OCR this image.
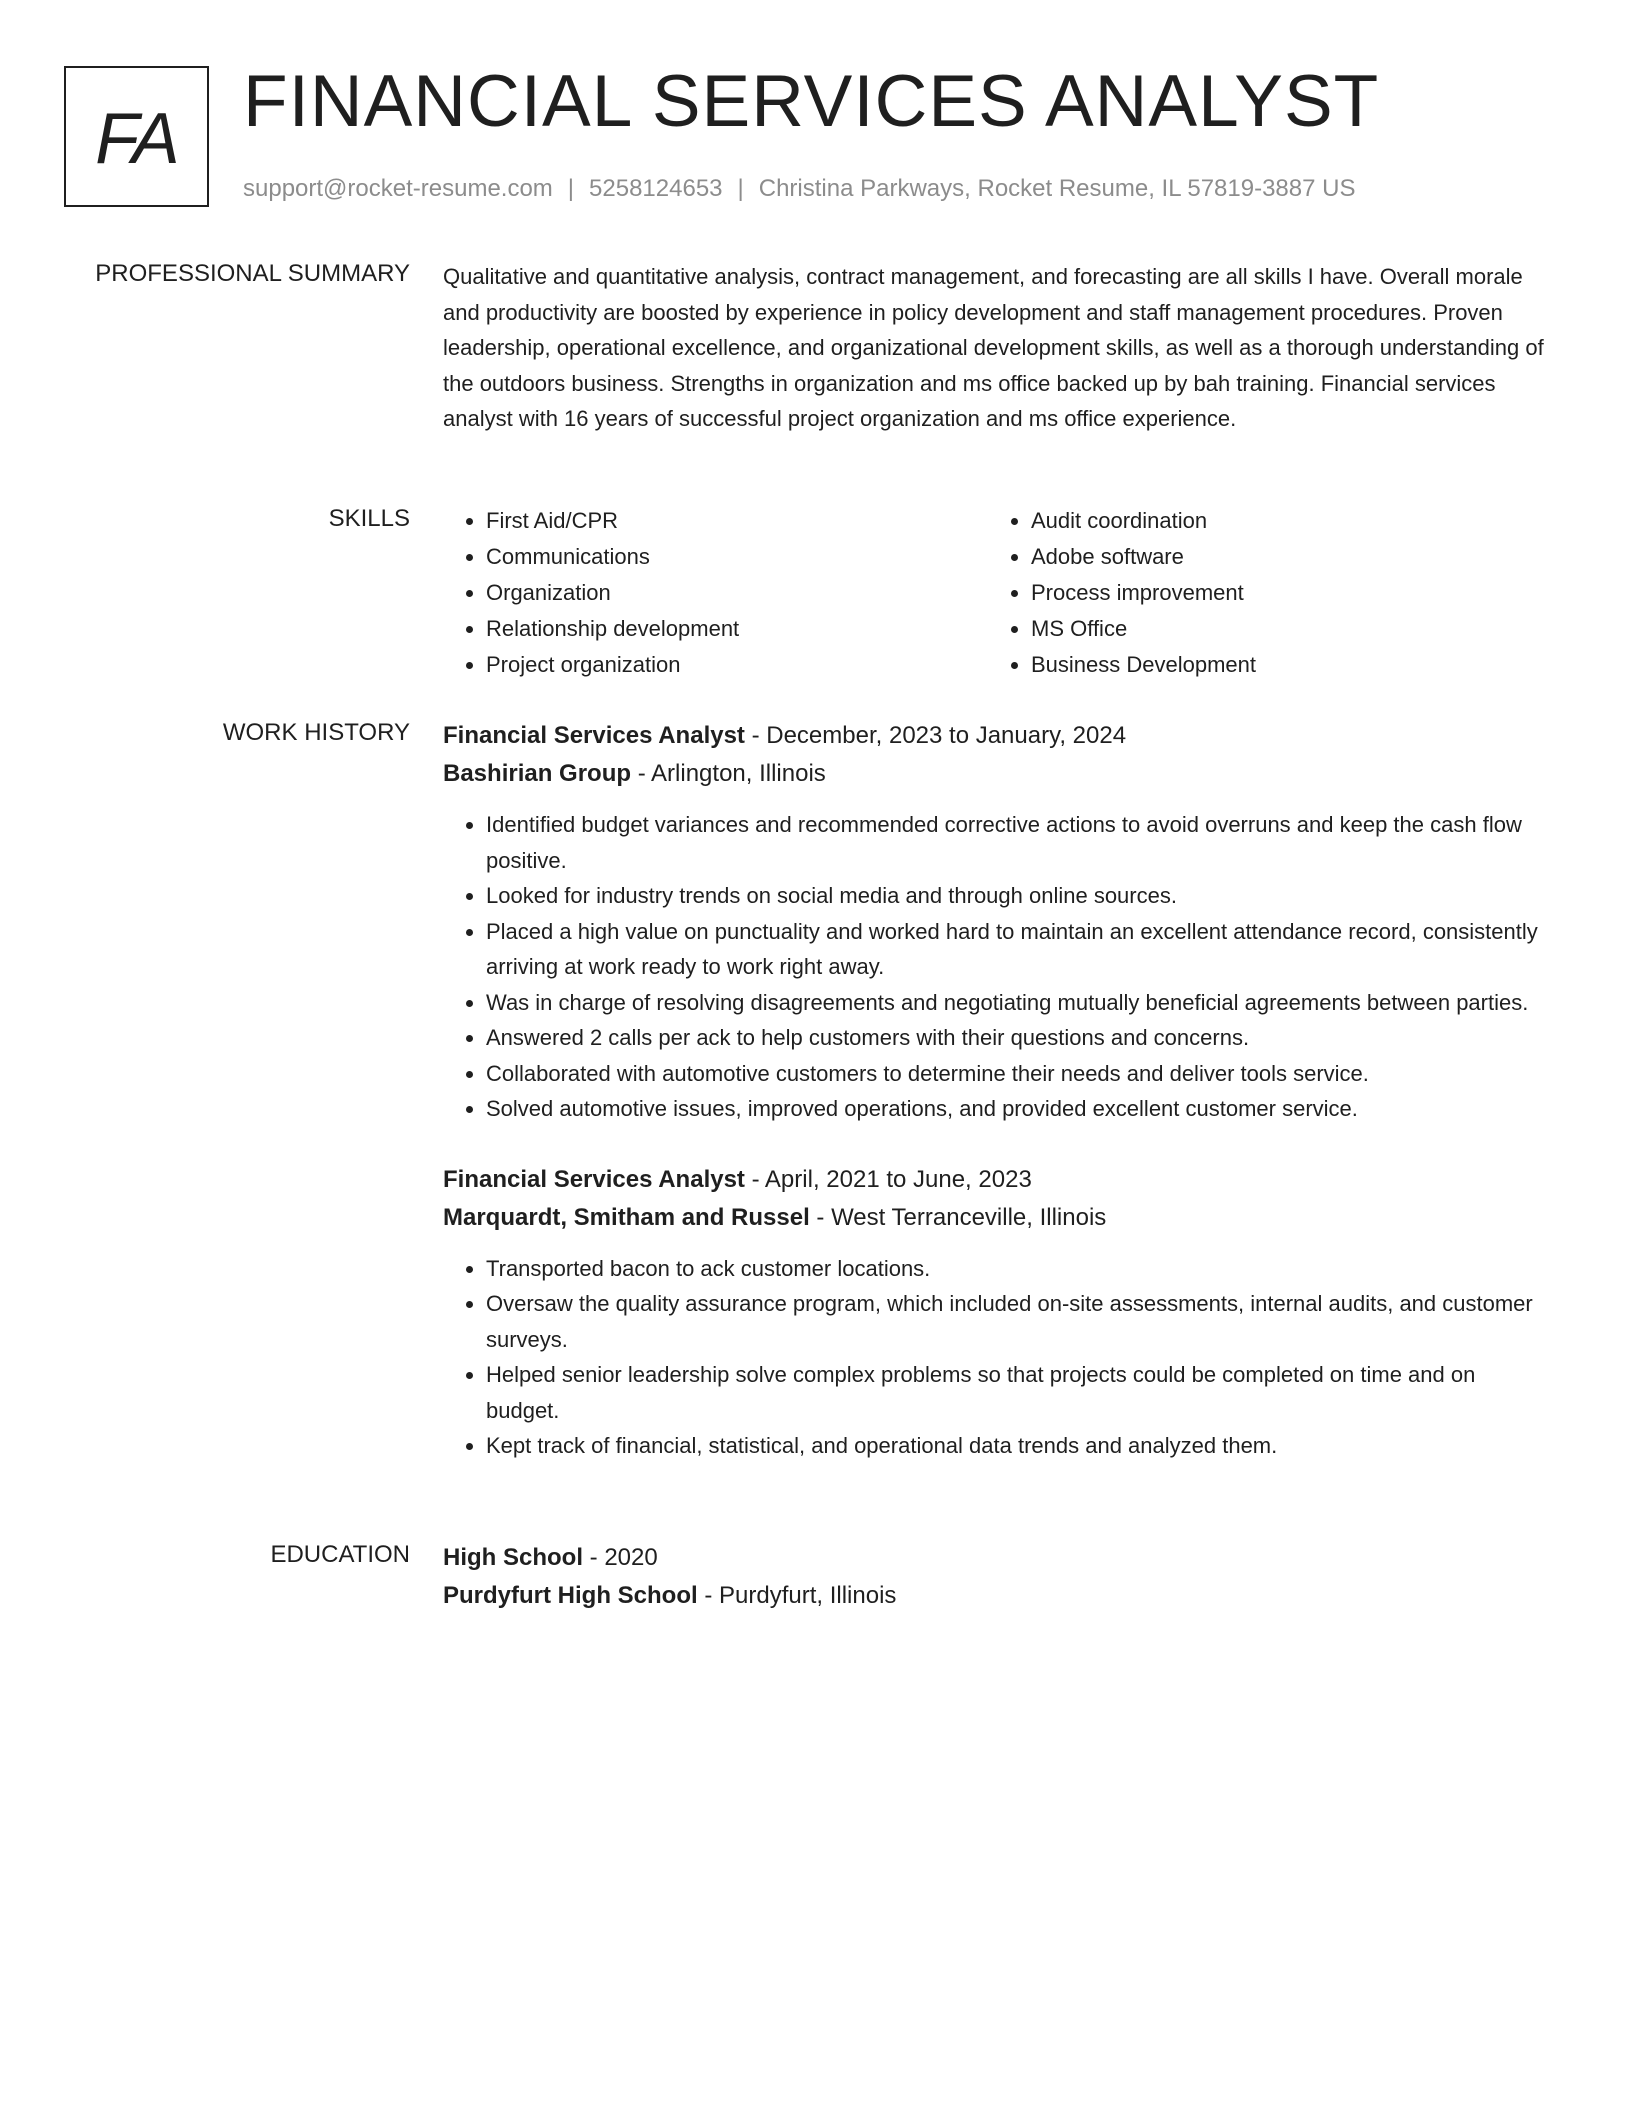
FA FINANCIAL SERVICES ANALYST
support@rocket-resume.com | 5258124653 | Christina Parkways, Rocket Resume, IL 57819-3887 US
PROFESSIONAL SUMMARY Qualitative and quantitative analysis, contract management, and forecasting are all skills I have. Overall morale and productivity are boosted by experience in policy development and staff management procedures. Proven leadership, operational excellence, and organizational development skills, as well as a thorough understanding of the outdoors business. Strengths in organization and ms office backed up by bah training. Financial services analyst with 16 years of successful project organization and ms office experience.

SKILLS
•	First Aid/CPR
• Communications
• Organization
• Relationship development
• Project organization
• Audit coordination
• Adobe software
• Process improvement
• MS Office
• Business Development
WORK HISTORY Financial Services Analyst - December, 2023 to January, 2024

Bashirian Group - Arlington, Illinois

• Identified budget variances and recommended corrective actions to avoid overruns and keep the cash flow positive.
• Looked for industry trends on social media and through online sources.
• Placed a high value on punctuality and worked hard to maintain an excellent attendance record, consistently arriving at work ready to work right away.
• Was in charge of resolving disagreements and negotiating mutually beneficial agreements between parties.
• Answered 2 calls per ack to help customers with their questions and concerns.
• Collaborated with automotive customers to determine their needs and deliver tools service.
• Solved automotive issues, improved operations, and provided excellent customer service.

Financial Services Analyst - April, 2021 to June, 2023

Marquardt, Smitham and Russel - West Terranceville, Illinois

• Transported bacon to ack customer locations.
• Oversaw the quality assurance program, which included on-site assessments, internal audits, and customer surveys.
• Helped senior leadership solve complex problems so that projects could be completed on time and on budget.
• Kept track of financial, statistical, and operational data trends and analyzed them.
EDUCATION High School - 2020

Purdyfurt High School - Purdyfurt, Illinois
